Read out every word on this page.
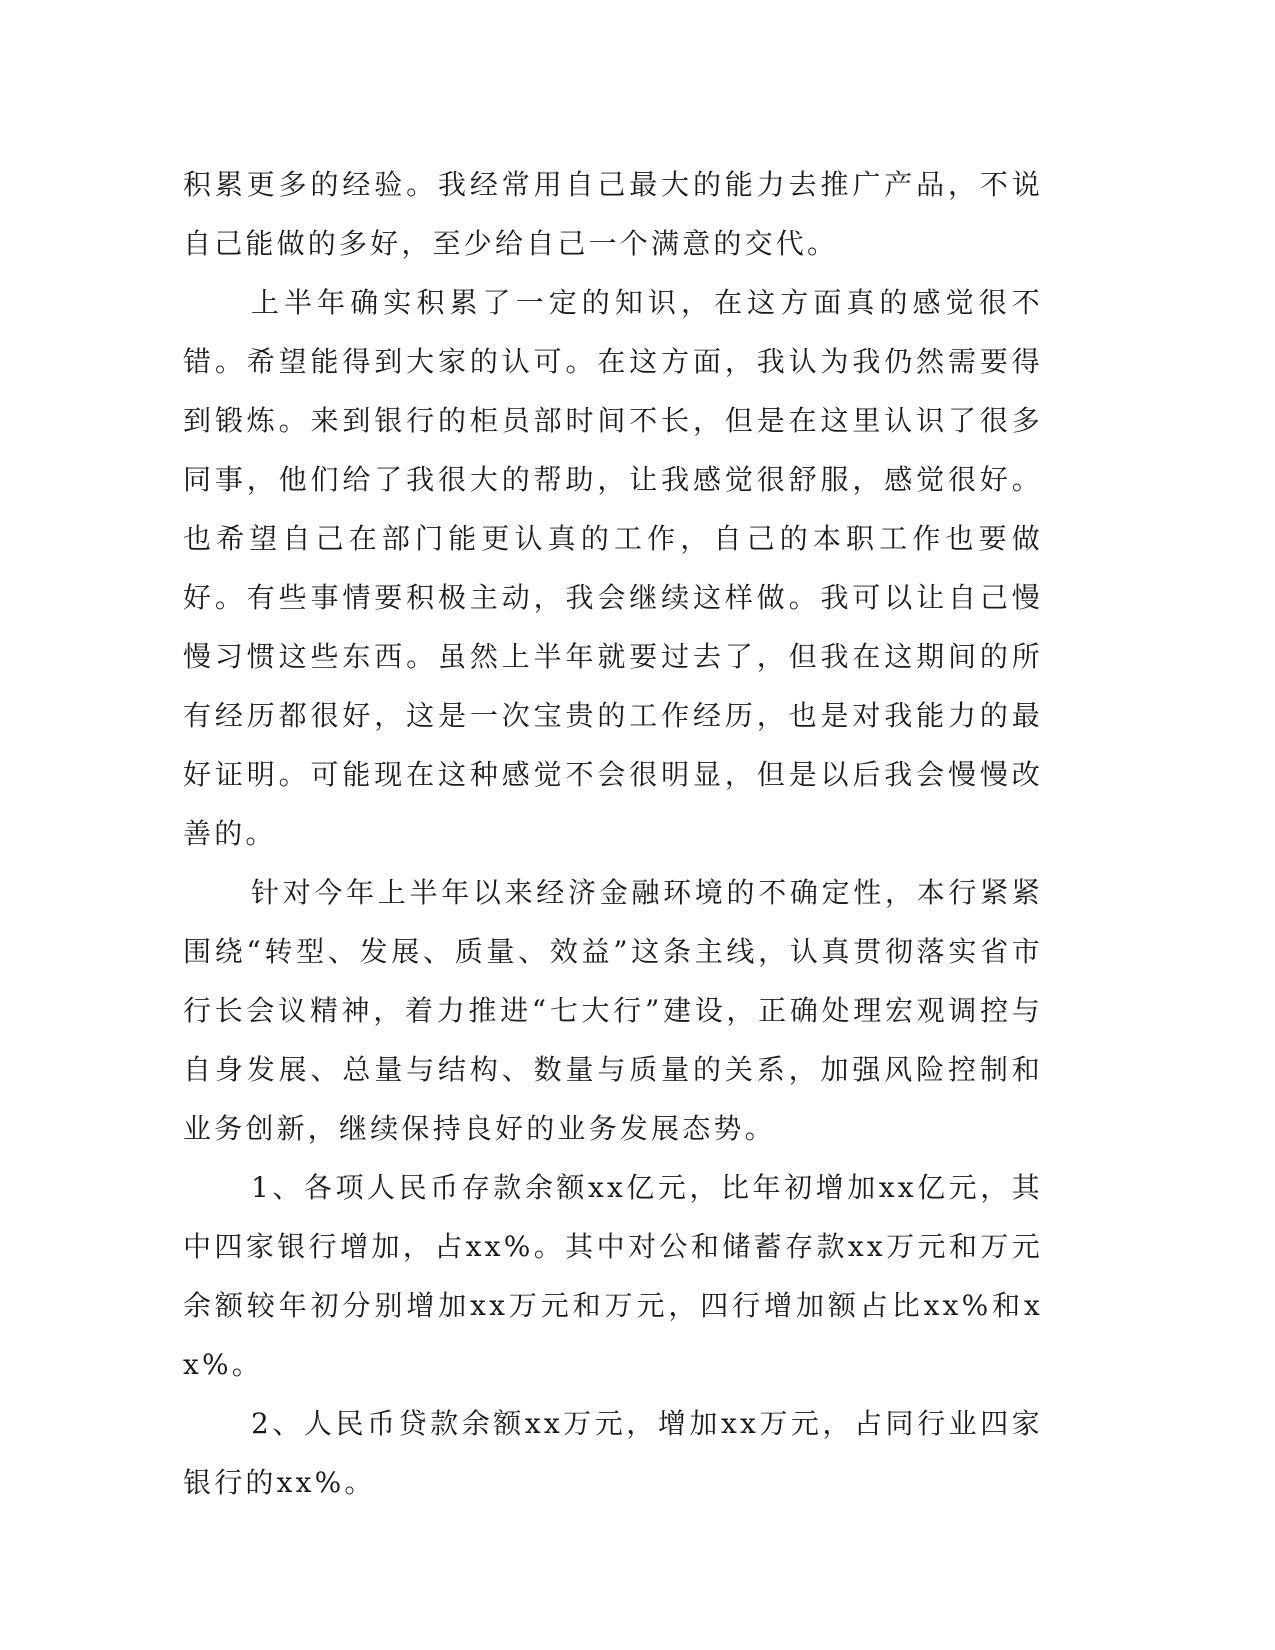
积累更多的经验。我经常用自己最大的能力去推广产品，不说自己能做的多好，至少给自己一个满意的交代。

上半年确实积累了一定的知识，在这方面真的感觉很不错。希望能得到大家的认可。在这方面，我认为我仍然需要得到锻炼。来到银行的柜员部时间不长，但是在这里认识了很多同事，他们给了我很大的帮助，让我感觉很舒服，感觉很好。也希望自己在部门能更认真的工作，自己的本职工作也要做好。有些事情要积极主动，我会继续这样做。我可以让自己慢慢习惯这些东西。虽然上半年就要过去了，但我在这期间的所有经历都很好，这是一次宝贵的工作经历，也是对我能力的最好证明。可能现在这种感觉不会很明显，但是以后我会慢慢改善的。

针对今年上半年以来经济金融环境的不确定性，本行紧紧围绕“转型、发展、质量、效益”这条主线，认真贯彻落实省市行长会议精神，着力推进“七大行”建设，正确处理宏观调控与自身发展、总量与结构、数量与质量的关系，加强风险控制和业务创新，继续保持良好的业务发展态势。

1、各项人民币存款余额xx亿元，比年初增加xx亿元，其中四家银行增加，占xx%。其中对公和储蓄存款xx万元和万元余额较年初分别增加xx万元和万元，四行增加额占比xx%和xx%。

2、人民币贷款余额xx万元，增加xx万元，占同行业四家银行的xx%。
